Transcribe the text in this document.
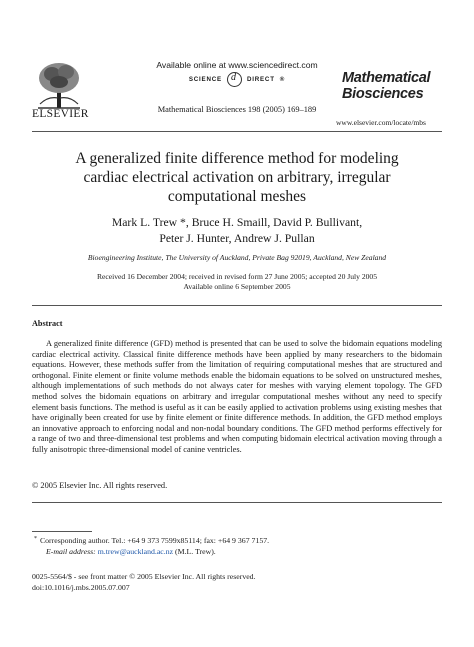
ELSEVIER
Available online at www.sciencedirect.com
SCIENCE
d	DIRECT ®
Mathematical Biosciences 198 (2005) 169–189
Mathematical
Biosciences
www.elsevier.com/locate/mbs
A generalized finite difference method for modeling
cardiac electrical activation on arbitrary, irregular
computational meshes
Mark L. Trew *, Bruce H. Smaill, David P. Bullivant,
Peter J. Hunter, Andrew J. Pullan
Bioengineering Institute, The University of Auckland, Private Bag 92019, Auckland, New Zealand
Received 16 December 2004; received in revised form 27 June 2005; accepted 20 July 2005
Available online 6 September 2005
Abstract

A generalized finite difference (GFD) method is presented that can be used to solve the bidomain equations modeling cardiac electrical activity. Classical finite difference methods have been applied by many researchers to the bidomain equations. However, these methods suffer from the limitation of requiring computational meshes that are structured and orthogonal. Finite element or finite volume methods enable the bidomain equations to be solved on unstructured meshes, although implementations of such methods do not always cater for meshes with varying element topology. The GFD method solves the bidomain equations on arbitrary and irregular computational meshes without any need to specify element basis functions. The method is useful as it can be easily applied to activation problems using existing meshes that have originally been created for use by finite element or finite difference methods. In addition, the GFD method employs an innovative approach to enforcing nodal and non-nodal boundary conditions. The GFD method performs effectively for a range of two and three-dimensional test problems and when computing bidomain electrical activation moving through a fully anisotropic three-dimensional model of canine ventricles.

© 2005 Elsevier Inc. All rights reserved.
* Corresponding author. Tel.: +64 9 373 7599x85114; fax: +64 9 367 7157.
E-mail address: m.trew@auckland.ac.nz (M.L. Trew).
0025-5564/$ - see front matter © 2005 Elsevier Inc. All rights reserved.
doi:10.1016/j.mbs.2005.07.007
